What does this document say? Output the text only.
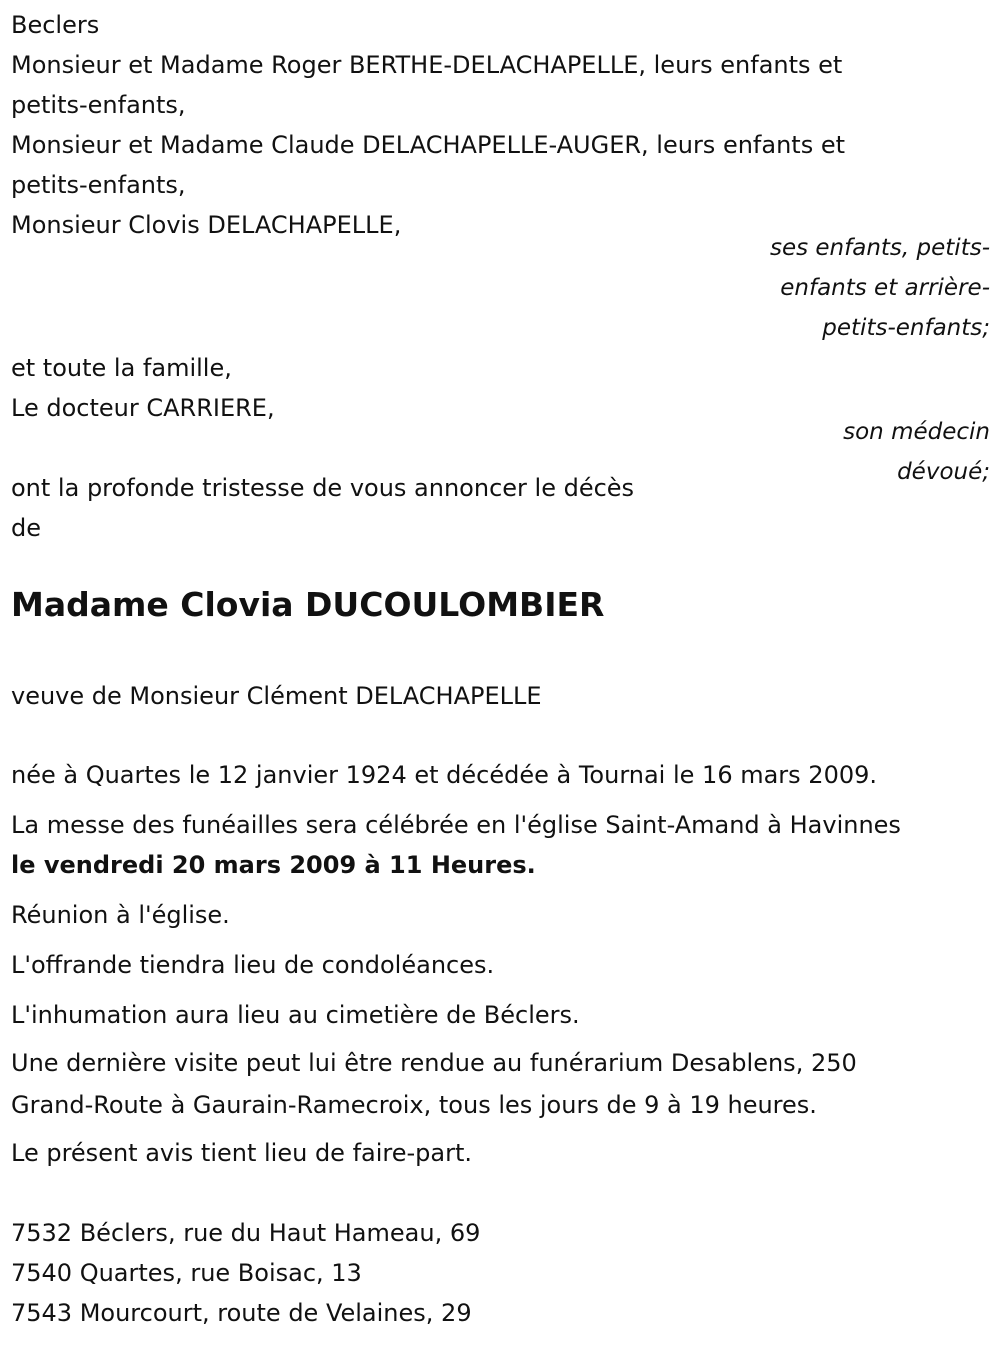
Beclers
Monsieur et Madame Roger BERTHE-DELACHAPELLE, leurs enfants et
petits-enfants,
Monsieur et Madame Claude DELACHAPELLE-AUGER, leurs enfants et
petits-enfants,
Monsieur Clovis DELACHAPELLE,
ses enfants, petits-
enfants et arrière-
petits-enfants;
et toute la famille,
Le docteur CARRIERE,
son médecin
dévoué;
ont la profonde tristesse de vous annoncer le décès
de
Madame Clovia DUCOULOMBIER
veuve de Monsieur Clément DELACHAPELLE
née à Quartes le 12 janvier 1924 et décédée à Tournai le 16 mars 2009.
La messe des funéailles sera célébrée en l'église Saint-Amand à Havinnes
le vendredi 20 mars 2009 à 11 Heures.
Réunion à l'église.
L'offrande tiendra lieu de condoléances.
L'inhumation aura lieu au cimetière de Béclers.
Une dernière visite peut lui être rendue au funérarium Desablens, 250
Grand-Route à Gaurain-Ramecroix, tous les jours de 9 à 19 heures.
Le présent avis tient lieu de faire-part.
7532 Béclers, rue du Haut Hameau, 69
7540 Quartes, rue Boisac, 13
7543 Mourcourt, route de Velaines, 29
